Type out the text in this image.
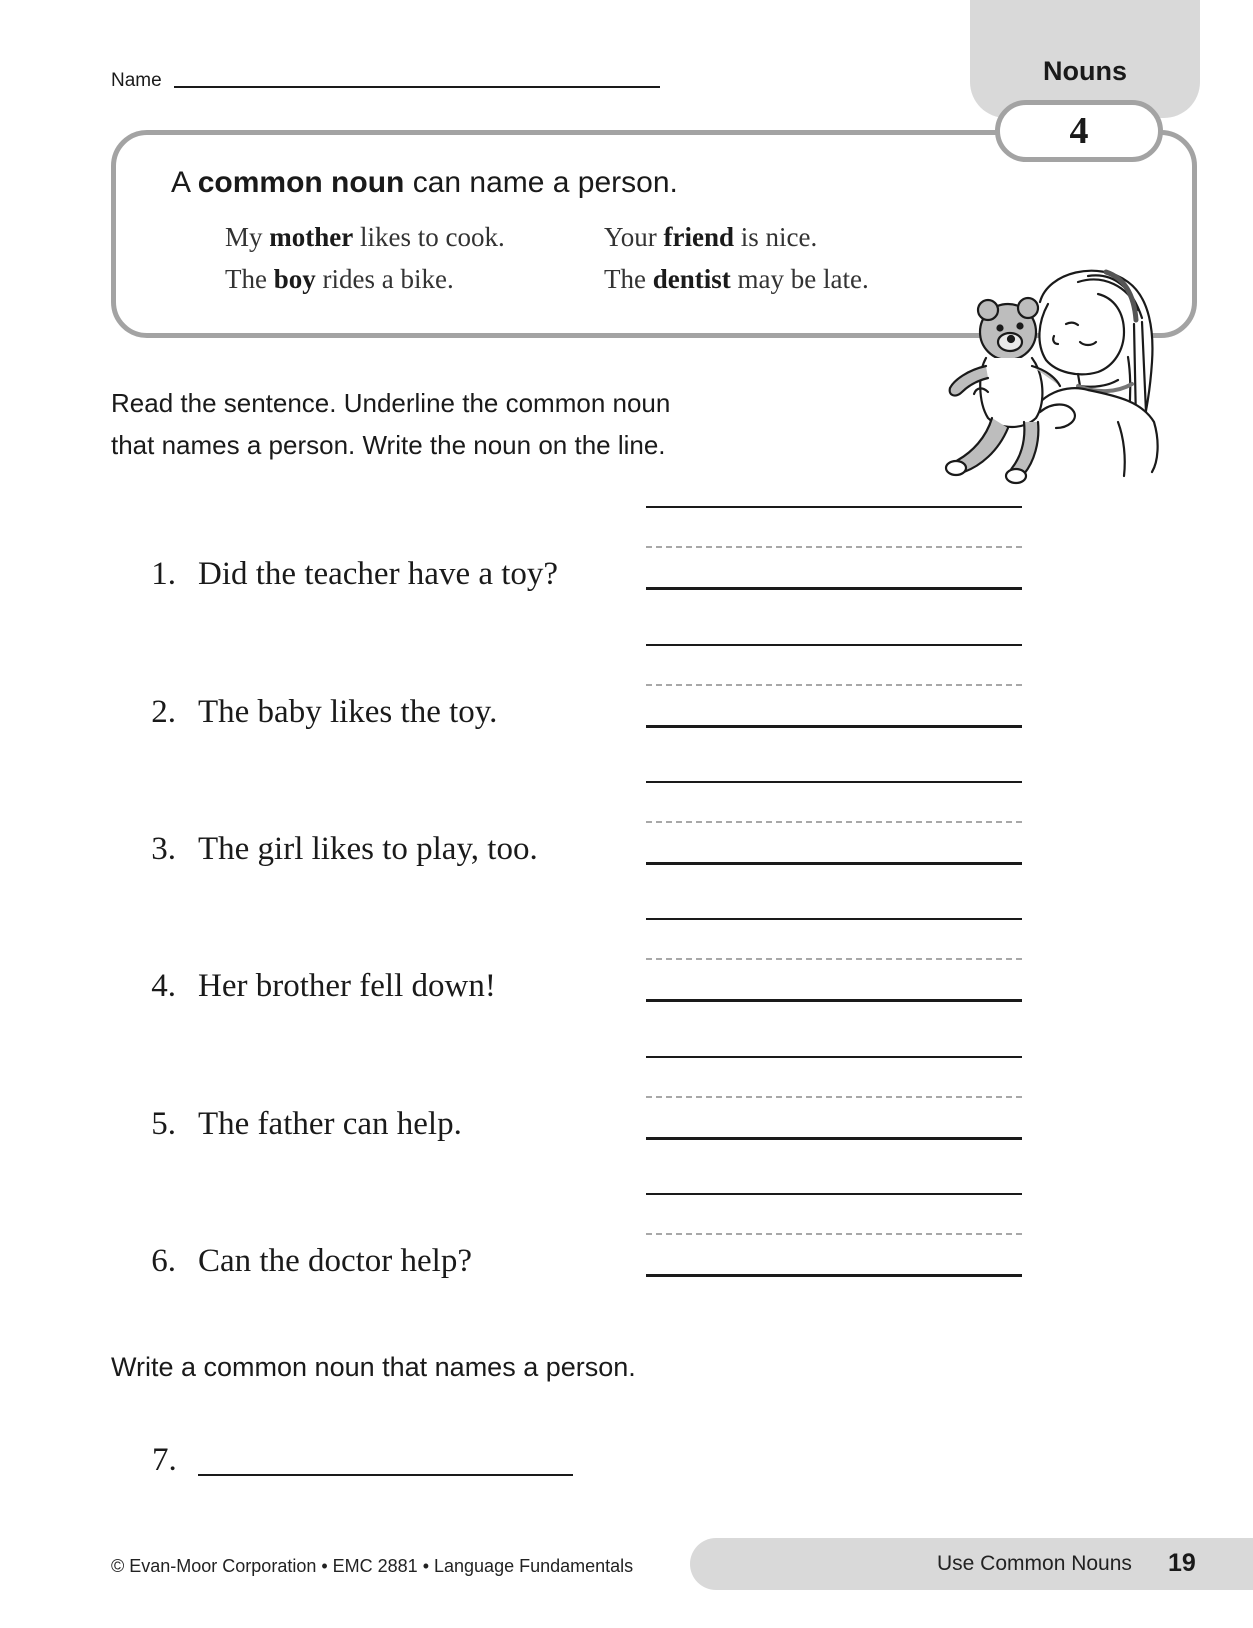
Nouns
Name
4
A common noun can name a person.
My mother likes to cook.	Your friend is nice.
The boy rides a bike.	The dentist may be late.
Read the sentence. Underline the common noun
that names a person. Write the noun on the line.
1. Did the teacher have a toy?
2. The baby likes the toy.
3. The girl likes to play, too.
4. Her brother fell down!
5. The father can help.
6. Can the doctor help?
Write a common noun that names a person.
7.
© Evan-Moor Corporation • EMC 2881 • Language Fundamentals	Use Common Nouns 19
